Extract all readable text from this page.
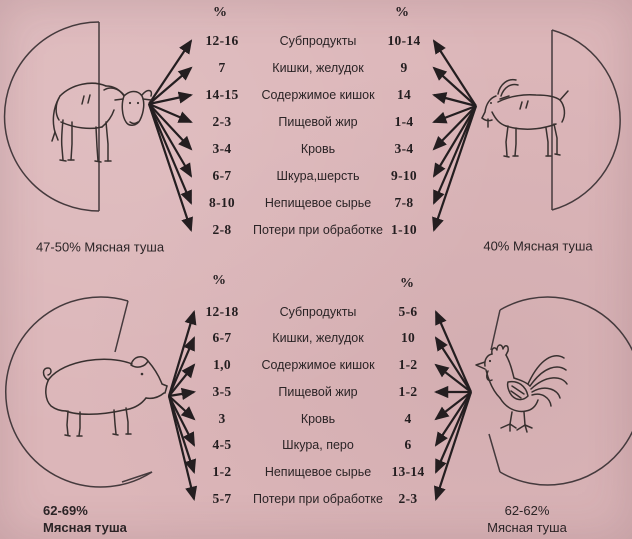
%	%
%	%
12-16	Субпродукты 10-14
7	Кишки, желудок	9
14-15 Содержимое кишок 14
2-3	Пищевой жир	1-4
3-4	Кровь	3-4
6-7	Шкура,шерсть 9-10
8-10 Непищевое сырье 7-8
2-8 Потери при обработке 1-10
12-18	Субпродукты	5-6
6-7	Кишки, желудок	10
1,0 Содержимое кишок 1-2
3-5	Пищевой жир	1-2
3	Кровь	4
4-5	Шкура, перо	6
1-2	Непищевое сырье 13-14
5-7 Потери при обработке 2-3
47-50% Мясная туша	40% Мясная туша
62-69%
Мясная туша
62-62%
Мясная туша
